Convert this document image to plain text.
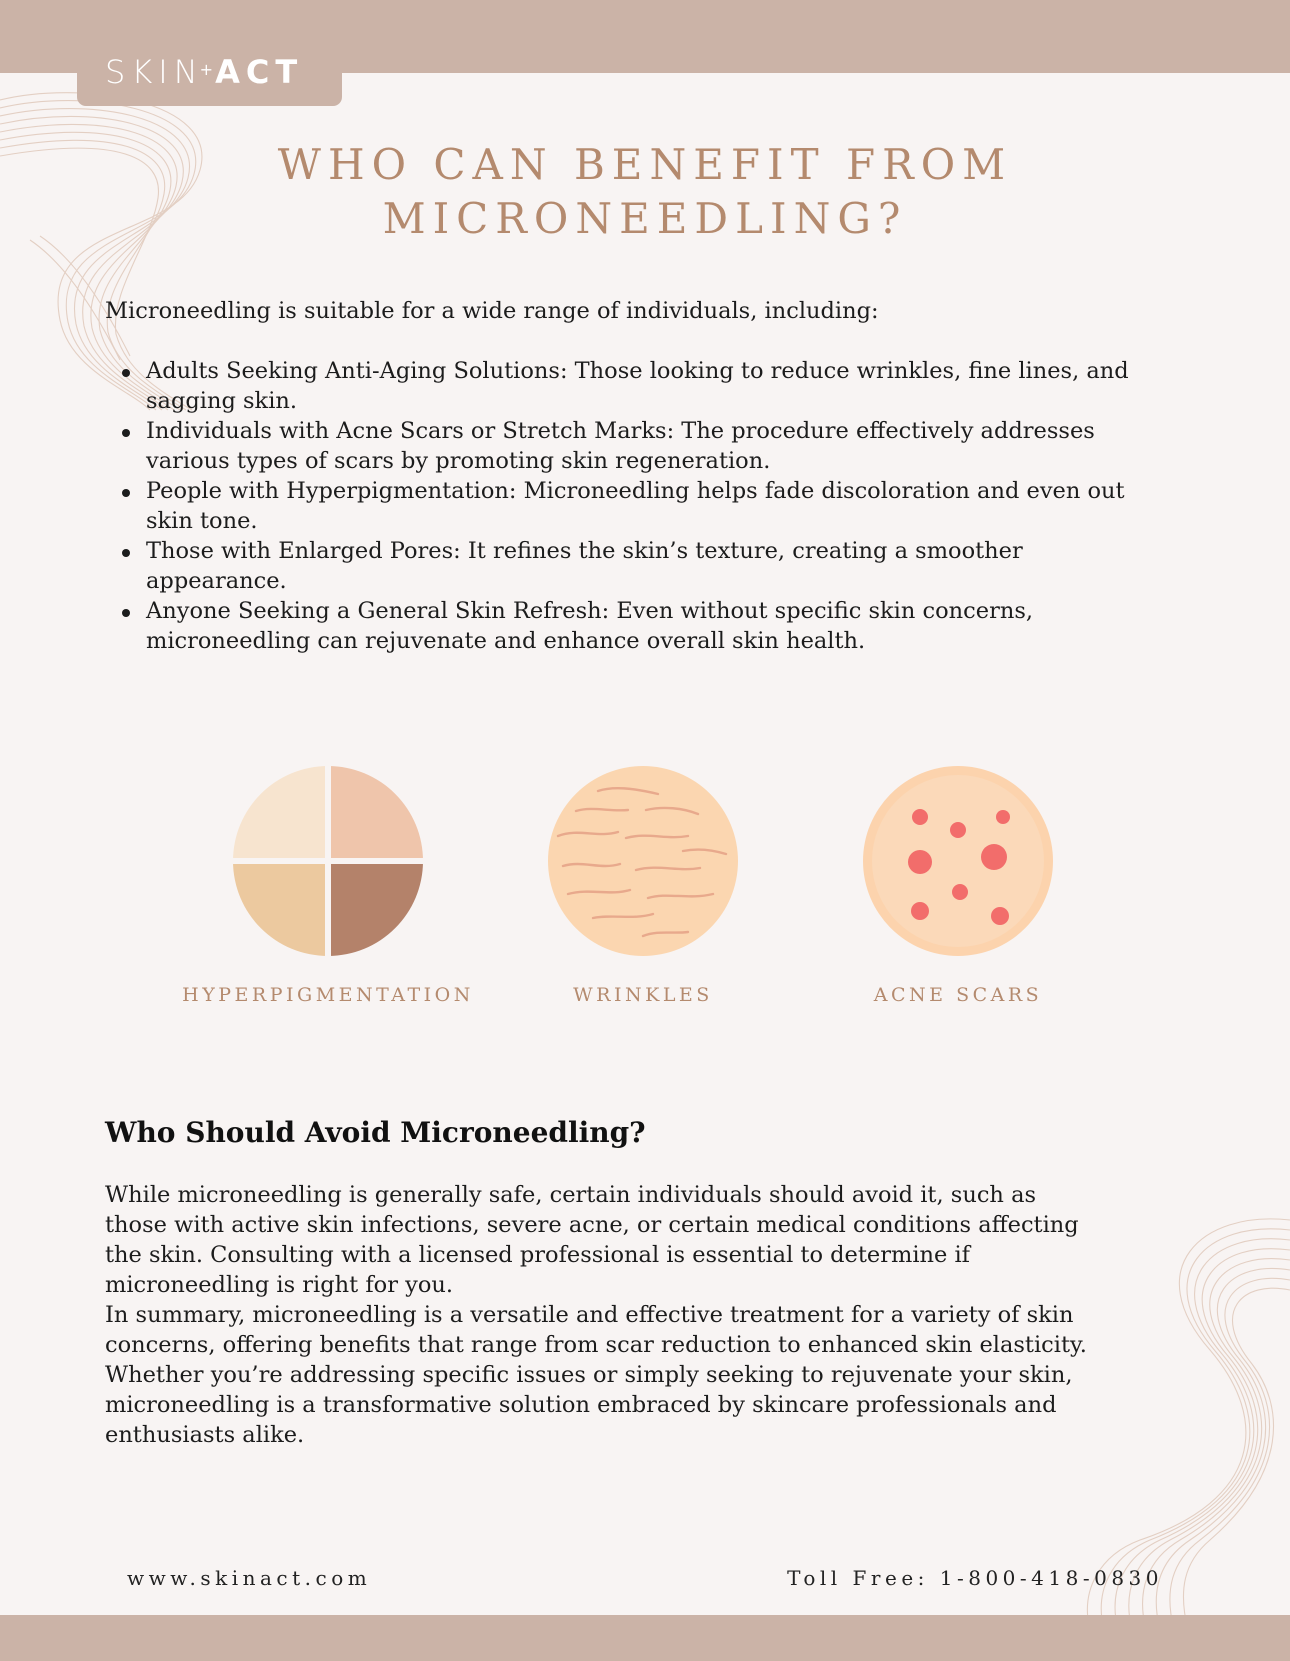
SKIN+ACT
WHO CAN BENEFIT FROM MICRONEEDLING?

Microneedling is suitable for a wide range of individuals, including:

Adults Seeking Anti-Aging Solutions: Those looking to reduce wrinkles, fine lines, and sagging skin.
Individuals with Acne Scars or Stretch Marks: The procedure effectively addresses various types of scars by promoting skin regeneration.
People with Hyperpigmentation: Microneedling helps fade discoloration and even out skin tone.
Those with Enlarged Pores: It refines the skin’s texture, creating a smoother appearance.
Anyone Seeking a General Skin Refresh: Even without specific skin concerns, microneedling can rejuvenate and enhance overall skin health.
HYPERPIGMENTATION	WRINKLES	ACNE SCARS
Who Should Avoid Microneedling?

While microneedling is generally safe, certain individuals should avoid it, such as those with active skin infections, severe acne, or certain medical conditions affecting the skin. Consulting with a licensed professional is essential to determine if microneedling is right for you.

In summary, microneedling is a versatile and effective treatment for a variety of skin concerns, offering benefits that range from scar reduction to enhanced skin elasticity. Whether you’re addressing specific issues or simply seeking to rejuvenate your skin, microneedling is a transformative solution embraced by skincare professionals and enthusiasts alike.

www.skinact.com	Toll Free: 1-800-418-0830
